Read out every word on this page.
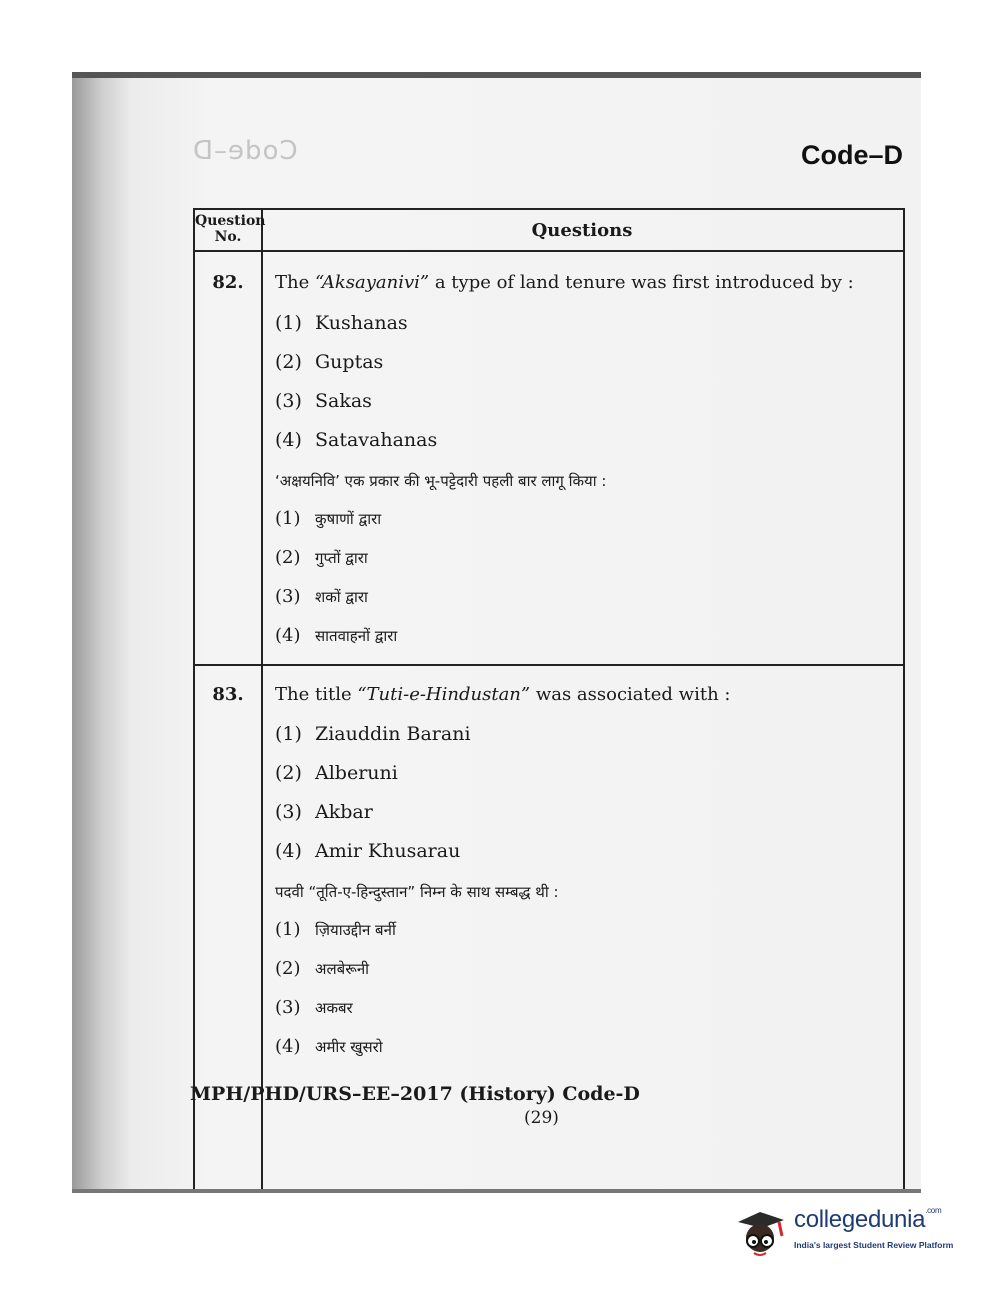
Code–D	Code–D
Question No.	Questions
82.	The “Aksayanivi” a type of land tenure was first introduced by :
(1) Kushanas
(2) Guptas
(3) Sakas
(4) Satavahanas
‘अक्षयनिवि’ एक प्रकार की भू-पट्टेदारी पहली बार लागू किया :
(1) कुषाणों द्वारा
(2) गुप्तों द्वारा
(3) शकों द्वारा
(4) सातवाहनों द्वारा
83.	The title “Tuti-e-Hindustan” was associated with :
(1) Ziauddin Barani
(2) Alberuni
(3) Akbar
(4) Amir Khusarau
पदवी “तूति-ए-हिन्दुस्तान” निम्न के साथ सम्बद्ध थी :
(1) ज़ियाउद्दीन बर्नी
(2) अलबेरूनी
(3) अकबर
(4) अमीर खुसरो
MPH/PHD/URS–EE–2017 (History) Code-D
(29)
collegedunia$^{.com}$
India's largest Student Review Platform
